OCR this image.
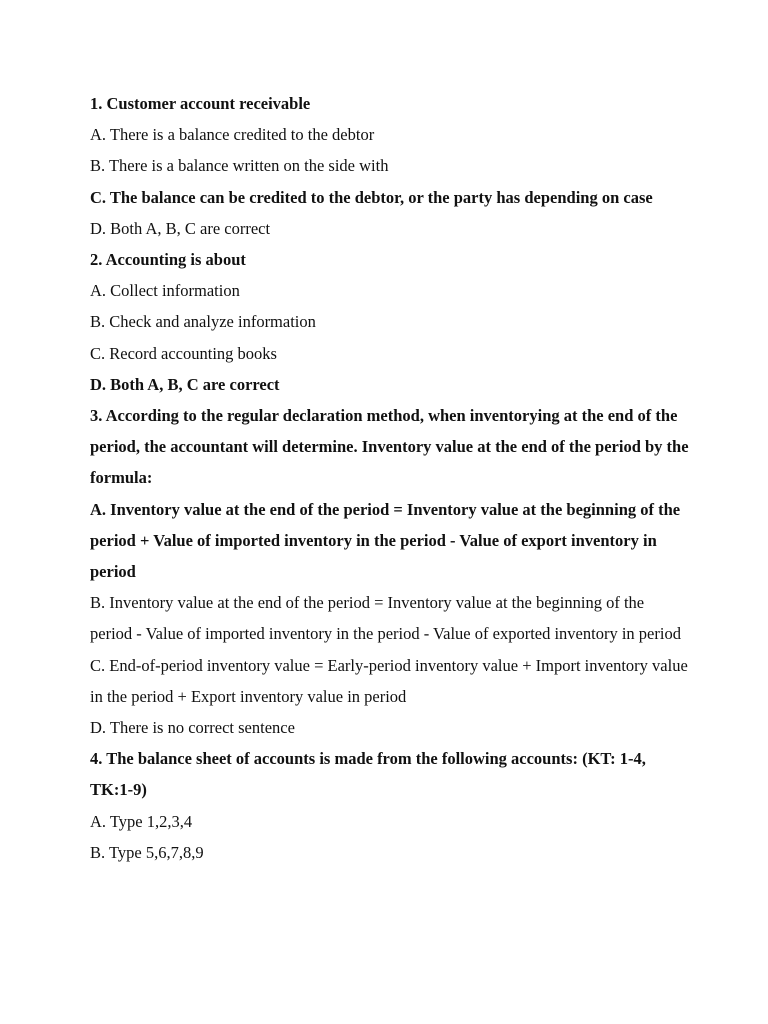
1. Customer account receivable
A. There is a balance credited to the debtor
B. There is a balance written on the side with
C. The balance can be credited to the debtor, or the party has depending on case
D. Both A, B, C are correct
2. Accounting is about
A. Collect information
B. Check and analyze information
C. Record accounting books
D. Both A, B, C are correct
3. According to the regular declaration method, when inventorying at the end of the period, the accountant will determine. Inventory value at the end of the period by the formula:
A. Inventory value at the end of the period = Inventory value at the beginning of the period + Value of imported inventory in the period - Value of export inventory in period
B. Inventory value at the end of the period = Inventory value at the beginning of the period - Value of imported inventory in the period - Value of exported inventory in period
C. End-of-period inventory value = Early-period inventory value + Import inventory value in the period + Export inventory value in period
D. There is no correct sentence
4. The balance sheet of accounts is made from the following accounts: (KT: 1-4, TK:1-9)
A. Type 1,2,3,4
B. Type 5,6,7,8,9
